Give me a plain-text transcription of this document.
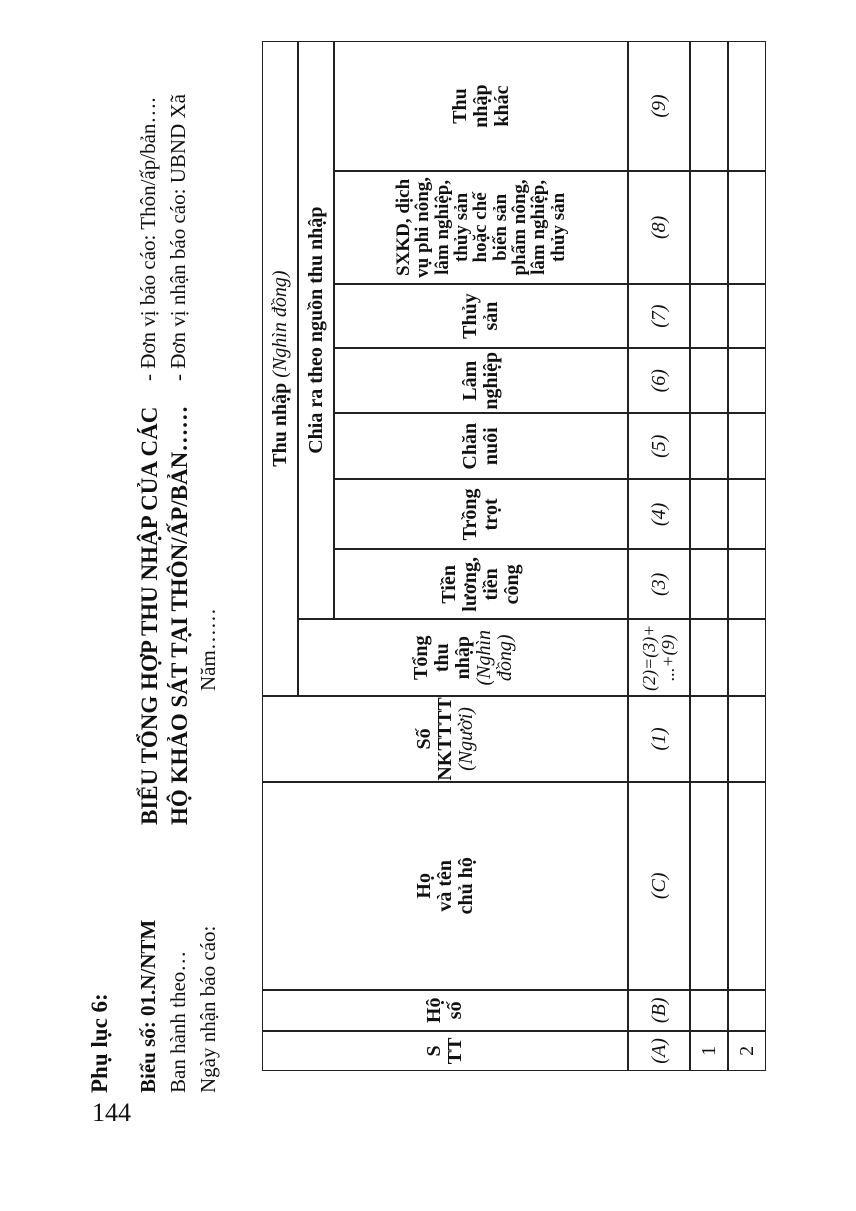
144
Phụ lục 6: Biểu số: 01.N/NTM Ban hành theo… Ngày nhận báo cáo:
BIỂU TỔNG HỢP THU NHẬP CỦA CÁC HỘ KHẢO SÁT TẠI THÔN/ẤP/BẢN…… Năm……
- Đơn vị báo cáo: Thôn/ấp/bản…. - Đơn vị nhận báo cáo: UBND Xã
S TT
Hộ số
Họ và tên chủ hộ
Số NKTTTT (Người)
Thu nhập (Nghìn đồng)
Tổng thu nhập (Nghìn đồng)
Chia ra theo nguồn thu nhập
Tiền lương, tiền công
Trồng trọt
Chăn nuôi
Lâm nghiệp
Thủy sản
SXKD, dịch
vụ phi nông,
lâm nghiệp,
thủy sản
hoặc chế
biến sản
phẩm nông,
lâm nghiệp,
thủy sản
(A)
(B)
(C)
(1)
(2)=(3)+
...+(9)
(3)
(4)
(5)
(6)
(7)
(8)
1 2
Thu nhập khác	(9)
